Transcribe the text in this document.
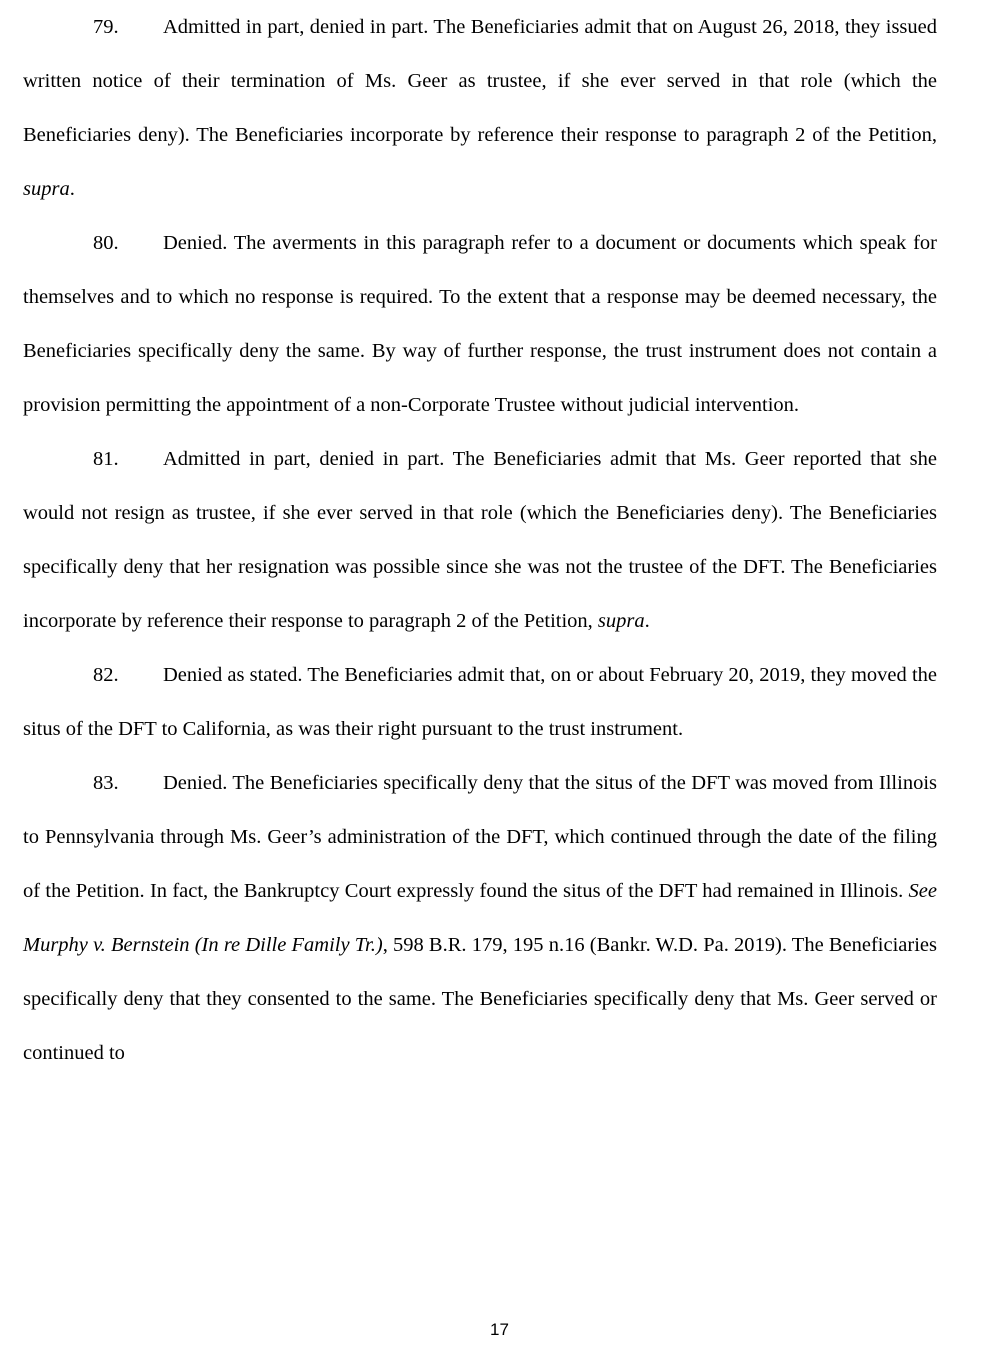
79. Admitted in part, denied in part. The Beneficiaries admit that on August 26, 2018, they issued written notice of their termination of Ms. Geer as trustee, if she ever served in that role (which the Beneficiaries deny). The Beneficiaries incorporate by reference their response to paragraph 2 of the Petition, supra.

80. Denied. The averments in this paragraph refer to a document or documents which speak for themselves and to which no response is required. To the extent that a response may be deemed necessary, the Beneficiaries specifically deny the same. By way of further response, the trust instrument does not contain a provision permitting the appointment of a non-Corporate Trustee without judicial intervention.

81. Admitted in part, denied in part. The Beneficiaries admit that Ms. Geer reported that she would not resign as trustee, if she ever served in that role (which the Beneficiaries deny). The Beneficiaries specifically deny that her resignation was possible since she was not the trustee of the DFT. The Beneficiaries incorporate by reference their response to paragraph 2 of the Petition, supra.

82. Denied as stated. The Beneficiaries admit that, on or about February 20, 2019, they moved the situs of the DFT to California, as was their right pursuant to the trust instrument.

83. Denied. The Beneficiaries specifically deny that the situs of the DFT was moved from Illinois to Pennsylvania through Ms. Geer’s administration of the DFT, which continued through the date of the filing of the Petition. In fact, the Bankruptcy Court expressly found the situs of the DFT had remained in Illinois. See Murphy v. Bernstein (In re Dille Family Tr.), 598 B.R. 179, 195 n.16 (Bankr. W.D. Pa. 2019). The Beneficiaries specifically deny that they consented to the same. The Beneficiaries specifically deny that Ms. Geer served or continued to

17
